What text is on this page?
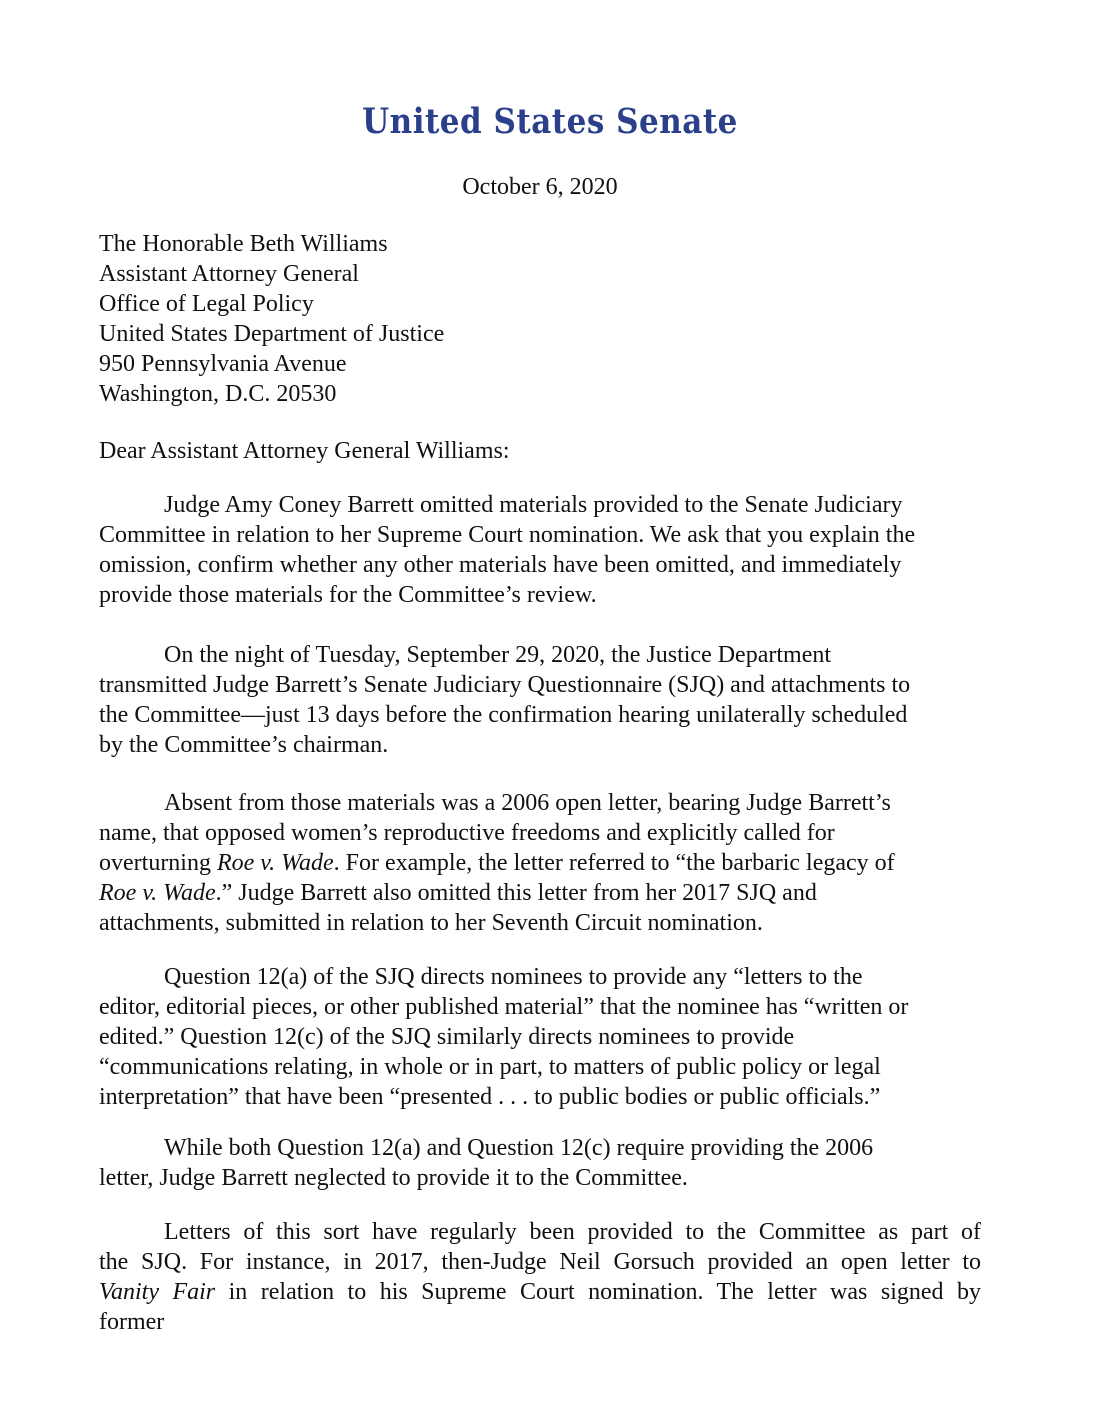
United States Senate
October 6, 2020
The Honorable Beth Williams
Assistant Attorney General
Office of Legal Policy
United States Department of Justice
950 Pennsylvania Avenue
Washington, D.C. 20530
Dear Assistant Attorney General Williams:
Judge Amy Coney Barrett omitted materials provided to the Senate Judiciary
Committee in relation to her Supreme Court nomination. We ask that you explain the
omission, confirm whether any other materials have been omitted, and immediately
provide those materials for the Committee’s review.
On the night of Tuesday, September 29, 2020, the Justice Department
transmitted Judge Barrett’s Senate Judiciary Questionnaire (SJQ) and attachments to
the Committee—just 13 days before the confirmation hearing unilaterally scheduled
by the Committee’s chairman.
Absent from those materials was a 2006 open letter, bearing Judge Barrett’s
name, that opposed women’s reproductive freedoms and explicitly called for
overturning Roe v. Wade. For example, the letter referred to “the barbaric legacy of
Roe v. Wade.” Judge Barrett also omitted this letter from her 2017 SJQ and
attachments, submitted in relation to her Seventh Circuit nomination.
Question 12(a) of the SJQ directs nominees to provide any “letters to the
editor, editorial pieces, or other published material” that the nominee has “written or
edited.” Question 12(c) of the SJQ similarly directs nominees to provide
“communications relating, in whole or in part, to matters of public policy or legal
interpretation” that have been “presented . . . to public bodies or public officials.”
While both Question 12(a) and Question 12(c) require providing the 2006
letter, Judge Barrett neglected to provide it to the Committee.
Letters of this sort have regularly been provided to the Committee as part of
the SJQ. For instance, in 2017, then-Judge Neil Gorsuch provided an open letter to
Vanity Fair in relation to his Supreme Court nomination. The letter was signed by
former
